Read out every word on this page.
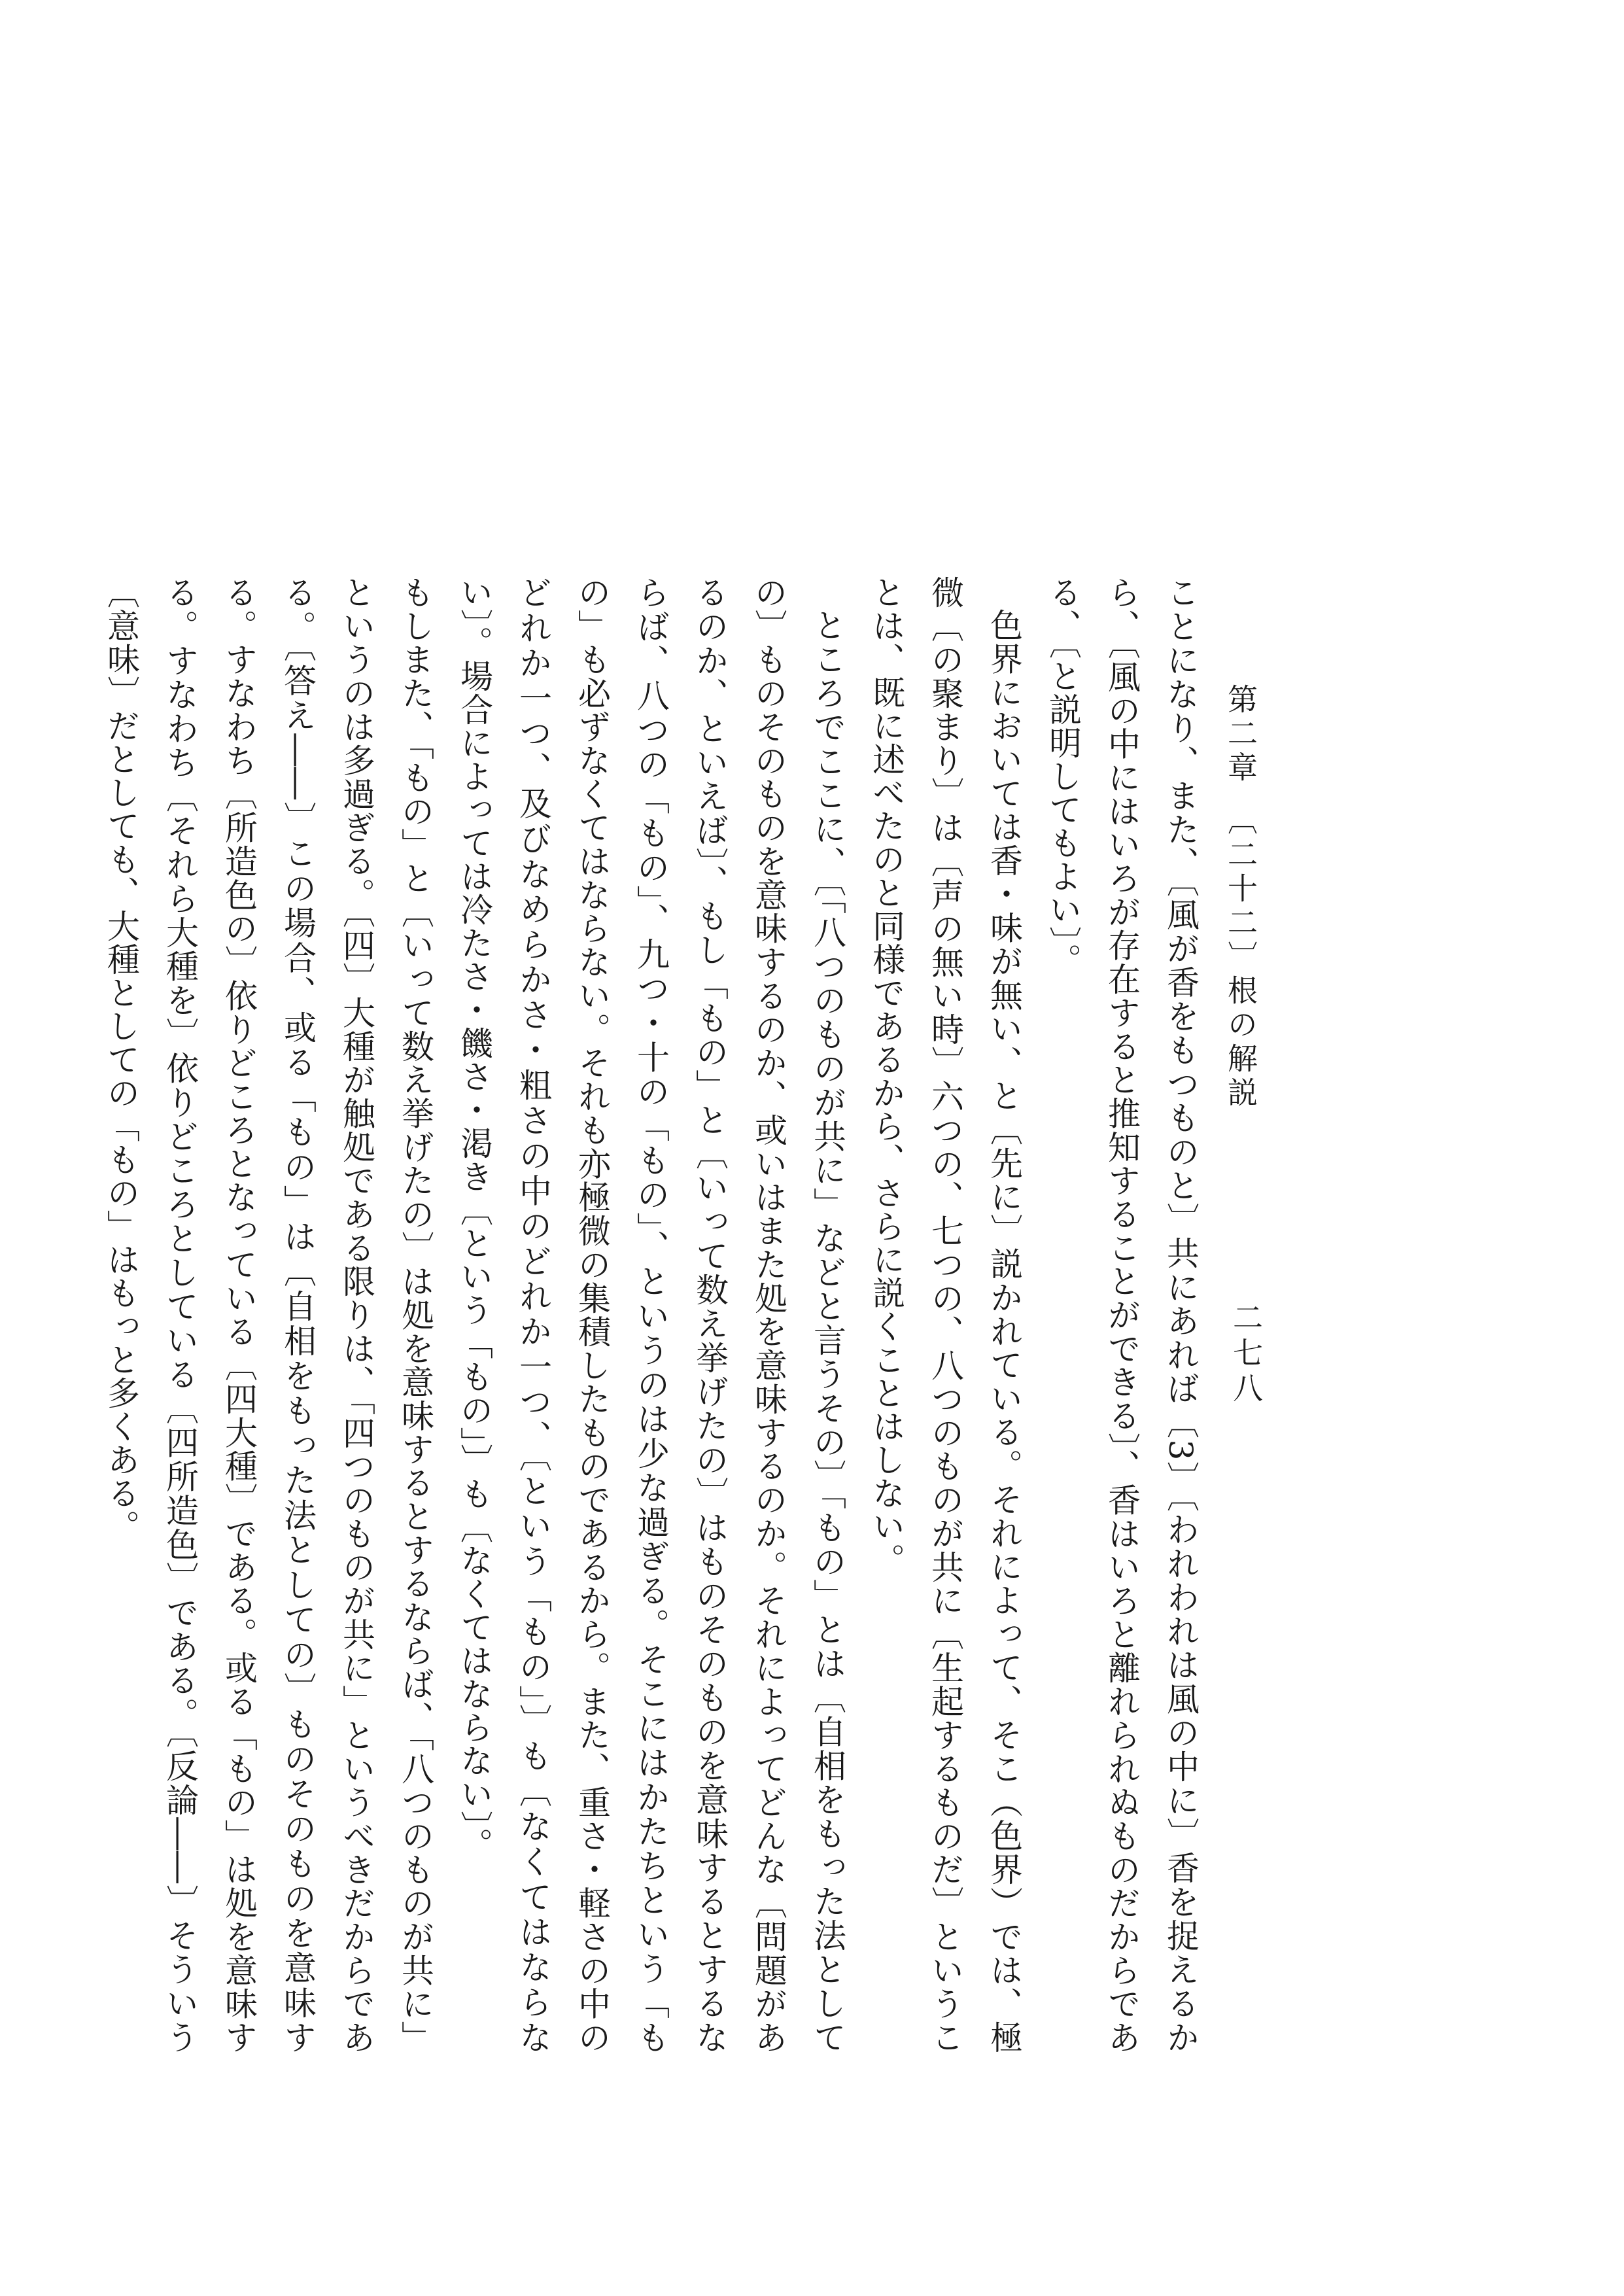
第二章　〔二十二〕根の解説
二七八

ことになり、また、〔風が香をもつものと〕共にあれば〔3〕〔われわれは風の中に〕香を捉えるから、〔風の中にはいろが存在すると推知することができる〕、香はいろと離れられぬものだからである、〔と説明してもよい〕。

色界においては香・味が無い、と〔先に〕説かれている。それによって、そこ（色界）では、極微〔の聚まり〕は〔声の無い時〕六つの、七つの、八つのものが共に〔生起するものだ〕ということは、既に述べたのと同様であるから、さらに説くことはしない。

ところでここに、〔「八つのものが共に」などと言うその〕「もの」とは〔自相をもった法としての〕ものそのものを意味するのか、或いはまた処を意味するのか。それによってどんな〔問題があるのか、といえば〕、もし「もの」と〔いって数え挙げたの〕はものそのものを意味するとするならば、八つの「もの」、九つ・十の「もの」、というのは少な過ぎる。そこにはかたちという「もの」も必ずなくてはならない。それも亦極微の集積したものであるから。また、重さ・軽さの中のどれか一つ、及びなめらかさ・粗さの中のどれか一つ、〔という「もの」〕も〔なくてはならない〕。場合によっては冷たさ・饑さ・渇き〔という「もの」〕も〔なくてはならない〕。

もしまた、「もの」と〔いって数え挙げたの〕は処を意味するとするならば、「八つのものが共に」というのは多過ぎる。〔四〕大種が触処である限りは、「四つのものが共に」というべきだからである。〔答え――〕この場合、或る「もの」は〔自相をもった法としての〕ものそのものを意味する。すなわち〔所造色の〕依りどころとなっている〔四大種〕である。或る「もの」は処を意味する。すなわち〔それら大種を〕依りどころとしている〔四所造色〕である。〔反論――〕そういう〔意味〕だとしても、大種としての「もの」はもっと多くある。
